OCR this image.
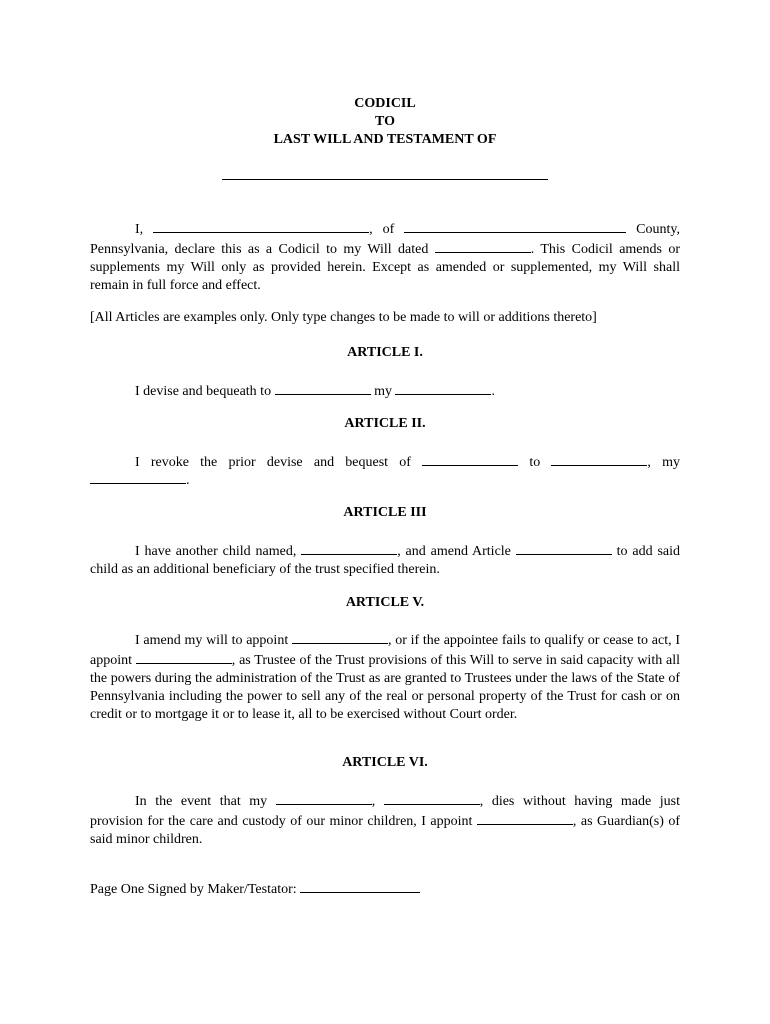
CODICIL
TO
LAST WILL AND TESTAMENT OF
I,	, of	County, Pennsylvania, declare this as a Codicil to my Will dated	. This Codicil amends or supplements my Will only as provided herein. Except as amended or supplemented, my Will shall remain in full force and effect.
[All Articles are examples only. Only type changes to be made to will or additions thereto]
ARTICLE I.
I devise and bequeath to	my	.
ARTICLE II.
I revoke the prior devise and bequest of	to	, my
.
ARTICLE III
I have another child named,	, and amend Article	to add said child as an additional beneficiary of the trust specified therein.
ARTICLE V.
I amend my will to appoint	, or if the appointee fails to qualify or cease to act, I appoint	, as Trustee of the Trust provisions of this Will to serve in said capacity with all the powers during the administration of the Trust as are granted to Trustees under the laws of the State of Pennsylvania including the power to sell any of the real or personal property of the Trust for cash or on credit or to mortgage it or to lease it, all to be exercised without Court order.
ARTICLE VI.
In the event that my	,	, dies without having made just provision for the care and custody of our minor children, I appoint	, as Guardian(s) of said minor children.
Page One Signed by Maker/Testator:
